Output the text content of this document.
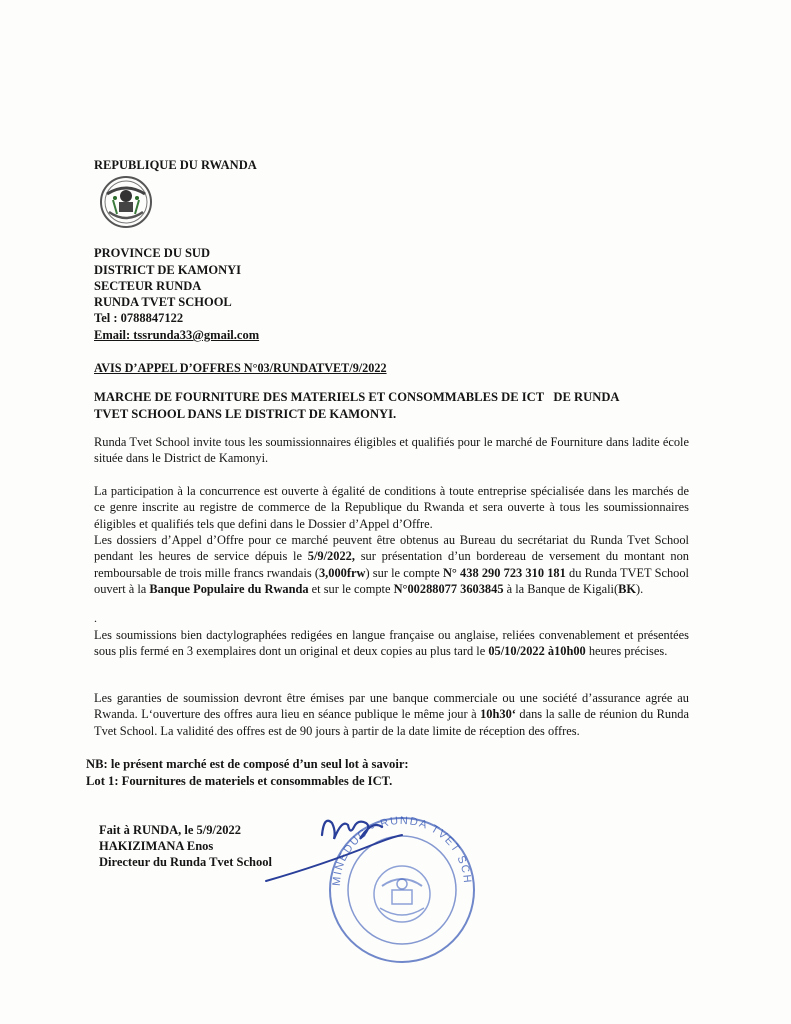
REPUBLIQUE DU RWANDA
PROVINCE DU SUD
DISTRICT DE KAMONYI
SECTEUR RUNDA
RUNDA TVET SCHOOL
Tel : 0788847122
Email: tssrunda33@gmail.com
AVIS D’APPEL D’OFFRES N°03/RUNDATVET/9/2022
MARCHE DE FOURNITURE DES MATERIELS ET CONSOMMABLES DE ICT   DE RUNDA
TVET SCHOOL DANS LE DISTRICT DE KAMONYI.
Runda Tvet School invite tous les soumissionnaires éligibles et qualifiés pour le marché de Fourniture dans ladite école située dans le District de Kamonyi.
La participation à la concurrence est ouverte à égalité de conditions à toute entreprise spécialisée dans les marchés de ce genre inscrite au registre de commerce de la Republique du Rwanda et sera ouverte à tous les soumissionnaires éligibles et qualifiés tels que defini dans le Dossier d’Appel d’Offre.
Les dossiers d’Appel d’Offre pour ce marché peuvent être obtenus au Bureau du secrétariat du Runda Tvet School pendant les heures de service dépuis le 5/9/2022, sur présentation d’un bordereau de versement du montant non remboursable de trois mille francs rwandais (3,000frw) sur le compte N° 438 290 723 310 181 du Runda TVET School ouvert à la Banque Populaire du Rwanda et sur le compte N°00288077 3603845 à la Banque de Kigali(BK).
.
Les soumissions bien dactylographées redigées en langue française ou anglaise, reliées convenablement et présentées sous plis fermé en 3 exemplaires dont un original et deux copies au plus tard le 05/10/2022 à10h00 heures précises.
Les garanties de soumission devront être émises par une banque commerciale ou une société d’assurance agrée au Rwanda. L‘ouverture des offres aura lieu en séance publique le même jour à 10h30‘ dans la salle de réunion du Runda Tvet School. La validité des offres est de 90 jours à partir de la date limite de réception des offres.
NB: le présent marché est de composé d’un seul lot à savoir:
Lot 1: Fournitures de materiels et consommables de ICT.
Fait à RUNDA, le 5/9/2022
HAKIZIMANA Enos
Directeur du Runda Tvet School
MINEDUC - RUNDA TVET SCH
